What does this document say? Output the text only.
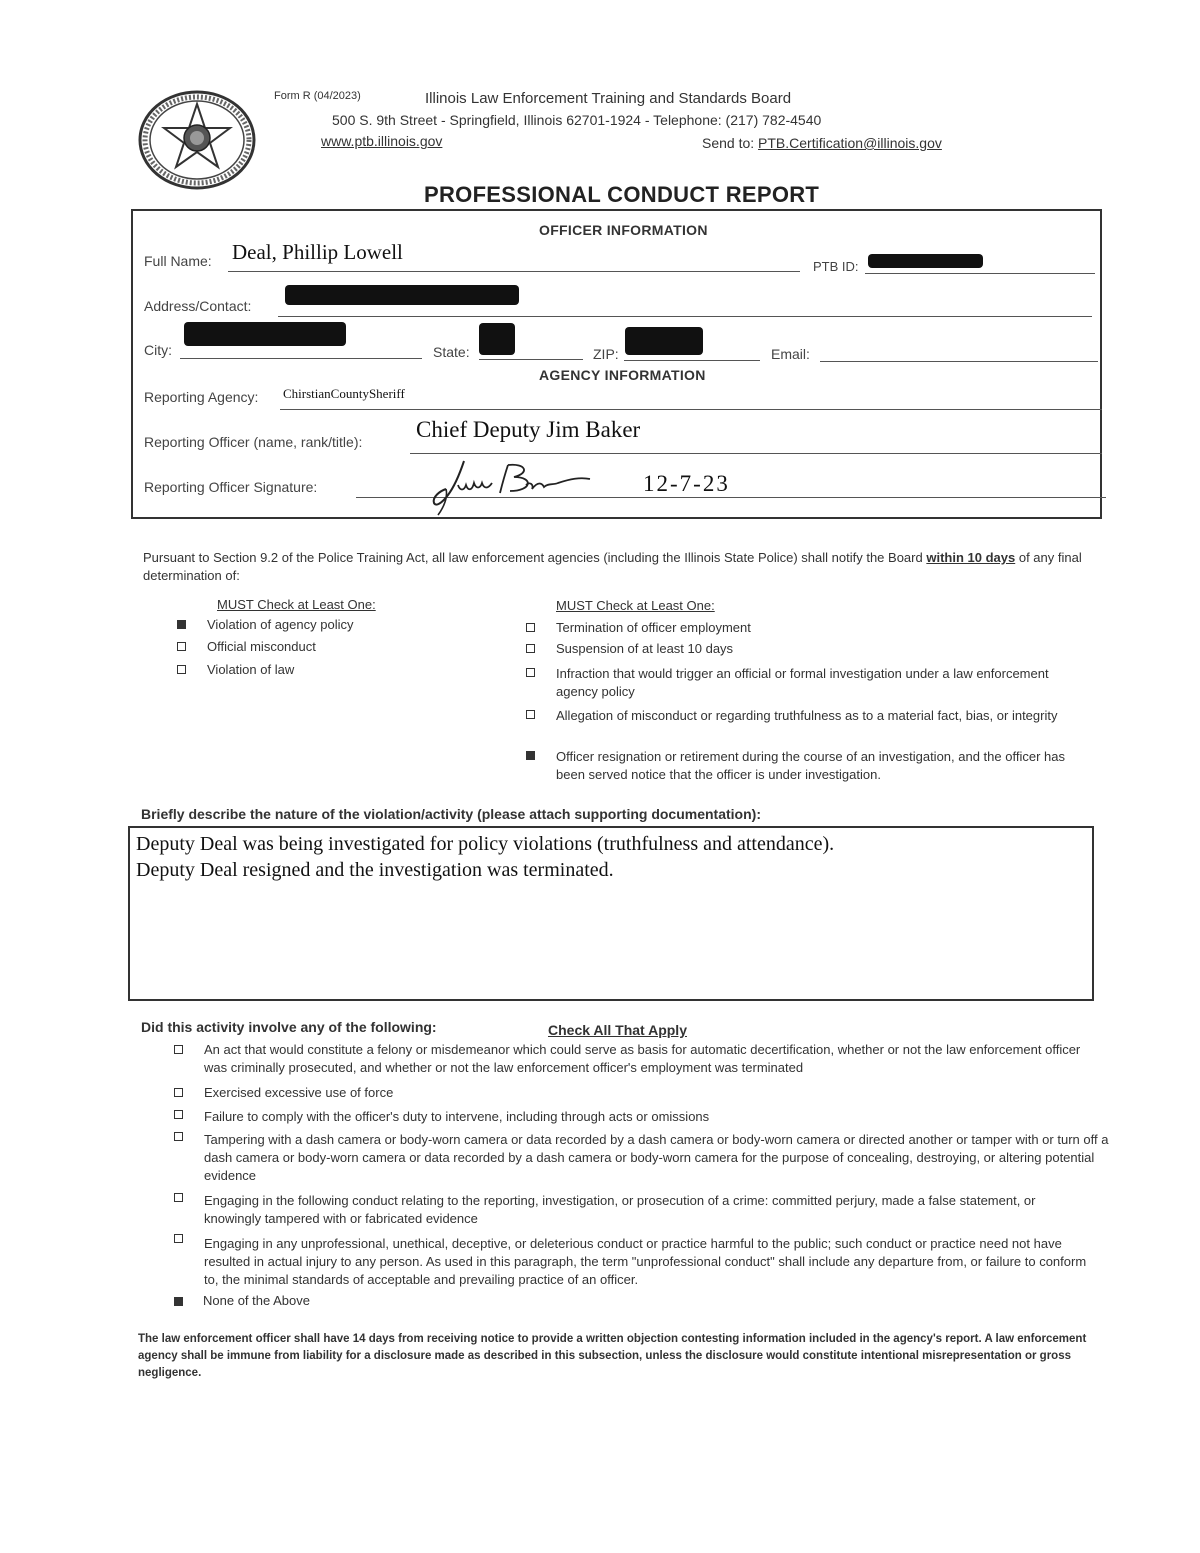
Form R (04/2023)	Illinois Law Enforcement Training and Standards Board
500 S. 9th Street - Springfield, Illinois 62701-1924 - Telephone: (217) 782-4540
www.ptb.illinois.gov	Send to: PTB.Certification@illinois.gov
PROFESSIONAL CONDUCT REPORT
OFFICER INFORMATION
Full Name: Deal, Phillip Lowell
PTB ID:
Address/Contact:
City:	State:	ZIP:	Email:
AGENCY INFORMATION
Reporting Agency: ChirstianCountySheriff
Reporting Officer (name, rank/title): Chief Deputy Jim Baker
Reporting Officer Signature:	12-7-23
Pursuant to Section 9.2 of the Police Training Act, all law enforcement agencies (including the Illinois State Police) shall notify the Board within 10 days of any final determination of:
MUST Check at Least One:
Violation of agency policy
Official misconduct
Violation of law
MUST Check at Least One:
Termination of officer employment
Suspension of at least 10 days
Infraction that would trigger an official or formal investigation under a law enforcement agency policy
Allegation of misconduct or regarding truthfulness as to a material fact, bias, or integrity
Officer resignation or retirement during the course of an investigation, and the officer has been served notice that the officer is under investigation.
Briefly describe the nature of the violation/activity (please attach supporting documentation):
Deputy Deal was being investigated for policy violations (truthfulness and attendance).
Deputy Deal resigned and the investigation was terminated.
Did this activity involve any of the following:	Check All That Apply
An act that would constitute a felony or misdemeanor which could serve as basis for automatic decertification, whether or not the law enforcement officer was criminally prosecuted, and whether or not the law enforcement officer's employment was terminated
Exercised excessive use of force
Failure to comply with the officer's duty to intervene, including through acts or omissions
Tampering with a dash camera or body-worn camera or data recorded by a dash camera or body-worn camera or directed another or tamper with or turn off a dash camera or body-worn camera or data recorded by a dash camera or body-worn camera for the purpose of concealing, destroying, or altering potential evidence
Engaging in the following conduct relating to the reporting, investigation, or prosecution of a crime: committed perjury, made a false statement, or knowingly tampered with or fabricated evidence
Engaging in any unprofessional, unethical, deceptive, or deleterious conduct or practice harmful to the public; such conduct or practice need not have resulted in actual injury to any person. As used in this paragraph, the term "unprofessional conduct" shall include any departure from, or failure to conform to, the minimal standards of acceptable and prevailing practice of an officer.
None of the Above
The law enforcement officer shall have 14 days from receiving notice to provide a written objection contesting information included in the agency's report. A law enforcement agency shall be immune from liability for a disclosure made as described in this subsection, unless the disclosure would constitute intentional misrepresentation or gross negligence.
